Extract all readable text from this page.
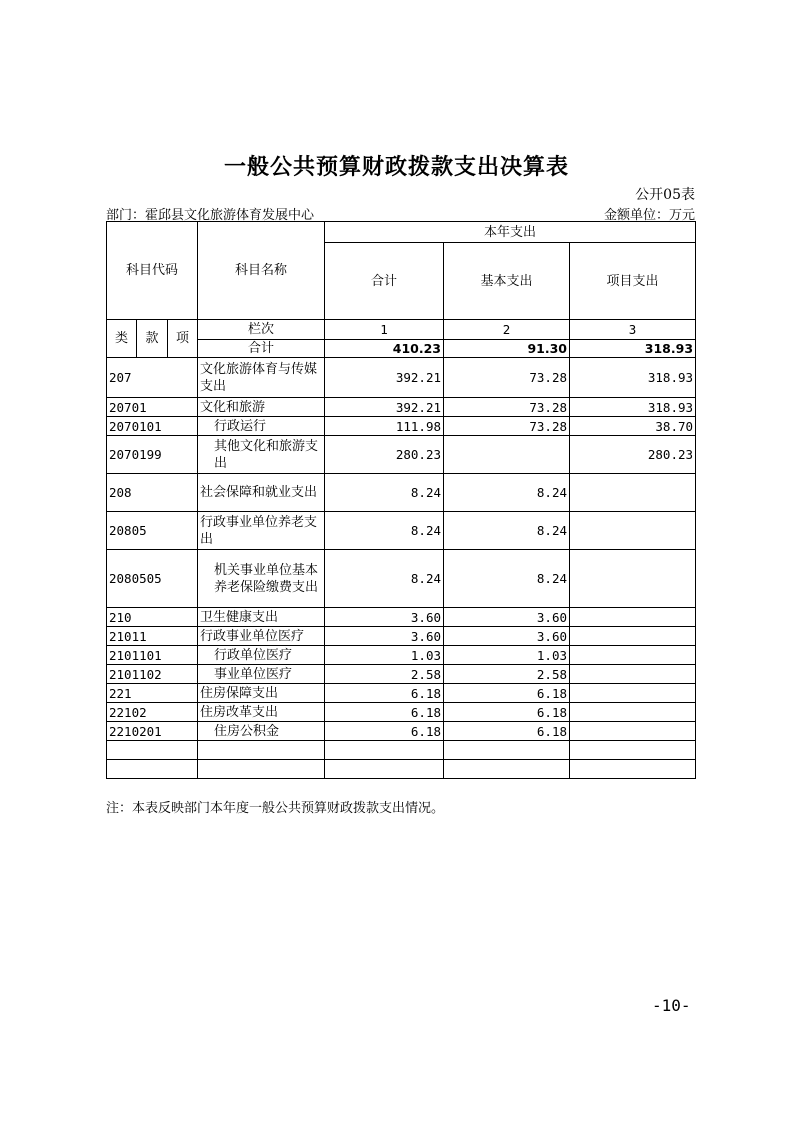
一般公共预算财政拨款支出决算表
公开05表
部门：霍邱县文化旅游体育发展中心	金额单位：万元
科目代码			科目名称	本年支出		
				合计	基本支出	项目支出
类	款	项	栏次	1	2	3
			合计	410.23	91.30	318.93
207			文化旅游体育与传媒支出	392.21	73.28	318.93
20701			文化和旅游	392.21	73.28	318.93
2070101			行政运行	111.98	73.28	38.70
2070199			其他文化和旅游支出	280.23		280.23
208			社会保障和就业支出	8.24	8.24	
20805			行政事业单位养老支出	8.24	8.24	
2080505			机关事业单位基本养老保险缴费支出	8.24	8.24	
210			卫生健康支出	3.60	3.60	
21011			行政事业单位医疗	3.60	3.60	
2101101			行政单位医疗	1.03	1.03	
2101102			事业单位医疗	2.58	2.58	
221			住房保障支出	6.18	6.18	
22102			住房改革支出	6.18	6.18	
2210201			住房公积金	6.18	6.18	

注：本表反映部门本年度一般公共预算财政拨款支出情况。
-10-
